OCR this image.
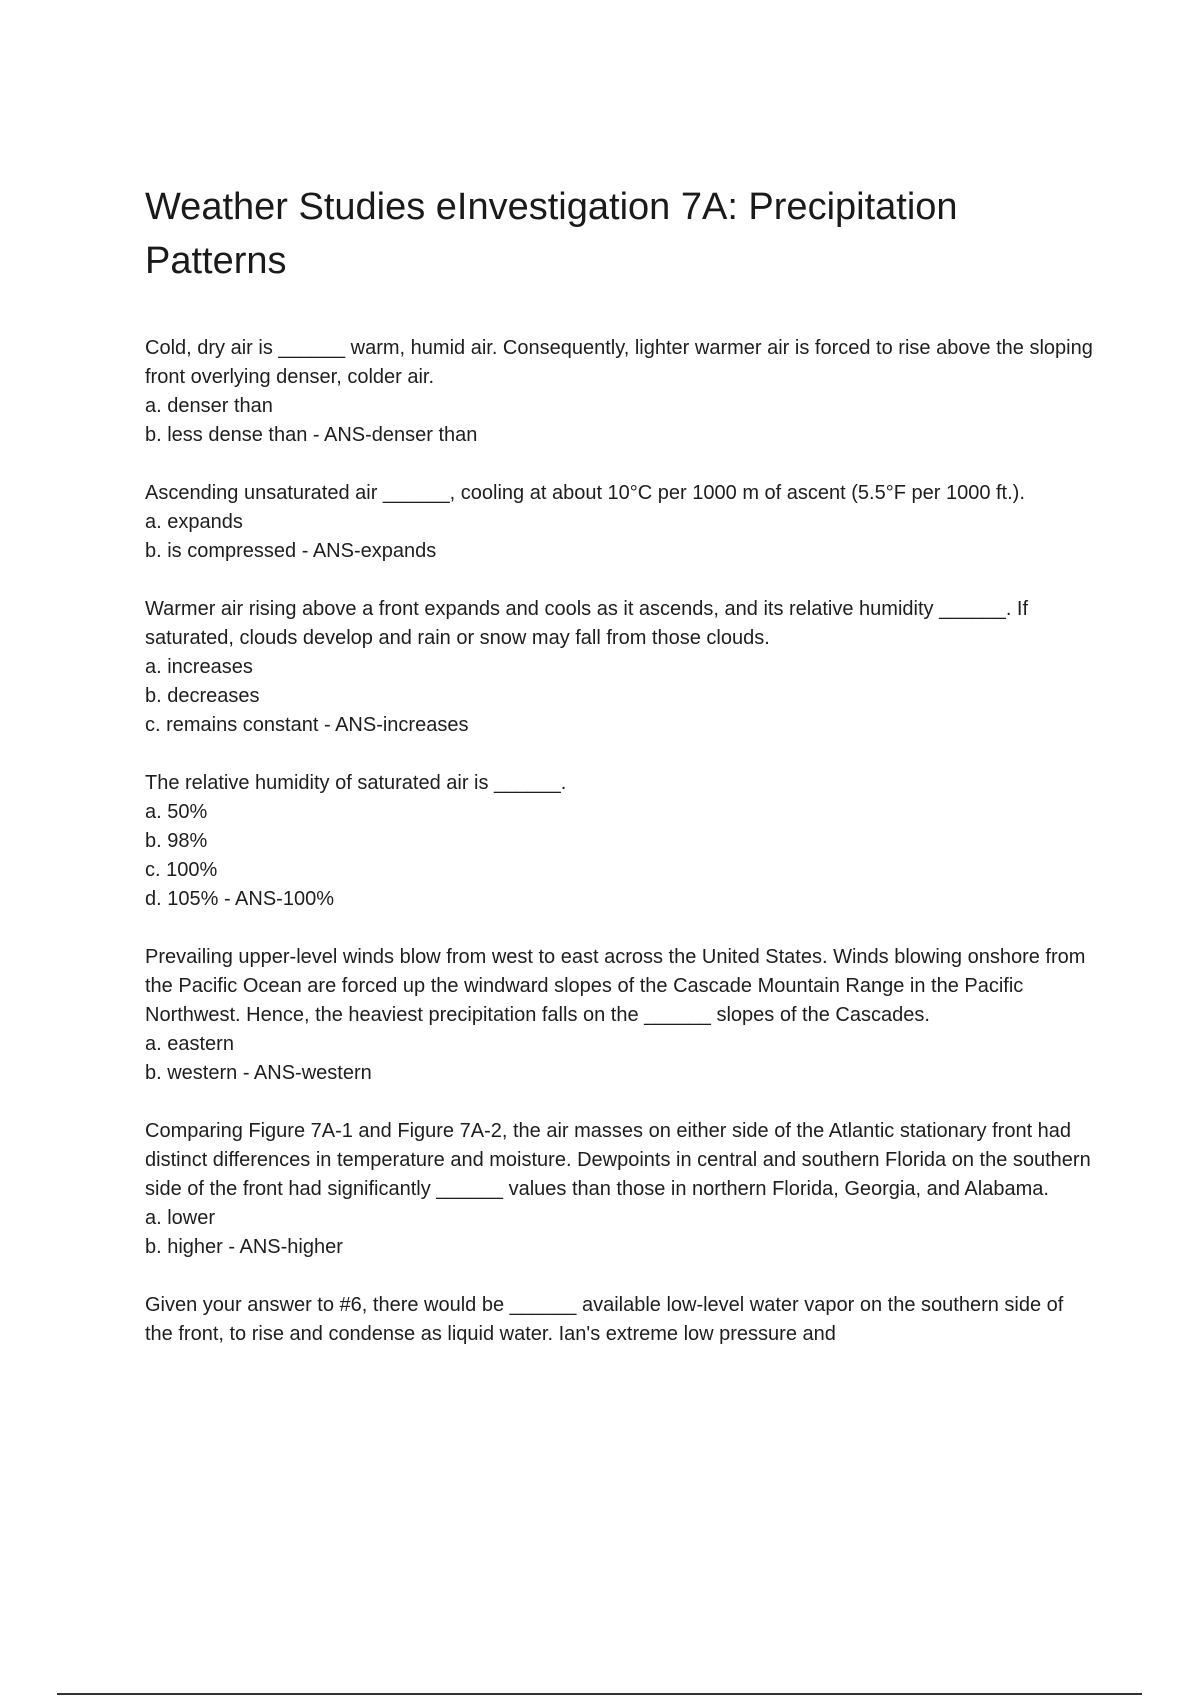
Weather Studies eInvestigation 7A: Precipitation Patterns

Cold, dry air is ______ warm, humid air. Consequently, lighter warmer air is forced to rise above the sloping front overlying denser, colder air.

a. denser than

b. less dense than - ANS-denser than

Ascending unsaturated air ______, cooling at about 10°C per 1000 m of ascent (5.5°F per 1000 ft.).

a. expands

b. is compressed - ANS-expands

Warmer air rising above a front expands and cools as it ascends, and its relative humidity ______. If saturated, clouds develop and rain or snow may fall from those clouds.

a. increases

b. decreases

c. remains constant - ANS-increases

The relative humidity of saturated air is ______.

a. 50%

b. 98%

c. 100%

d. 105% - ANS-100%

Prevailing upper-level winds blow from west to east across the United States. Winds blowing onshore from the Pacific Ocean are forced up the windward slopes of the Cascade Mountain Range in the Pacific Northwest. Hence, the heaviest precipitation falls on the ______ slopes of the Cascades.

a. eastern

b. western - ANS-western

Comparing Figure 7A-1 and Figure 7A-2, the air masses on either side of the Atlantic stationary front had distinct differences in temperature and moisture. Dewpoints in central and southern Florida on the southern side of the front had significantly ______ values than those in northern Florida, Georgia, and Alabama.

a. lower

b. higher - ANS-higher

Given your answer to #6, there would be ______ available low-level water vapor on the southern side of the front, to rise and condense as liquid water. Ian's extreme low pressure and
